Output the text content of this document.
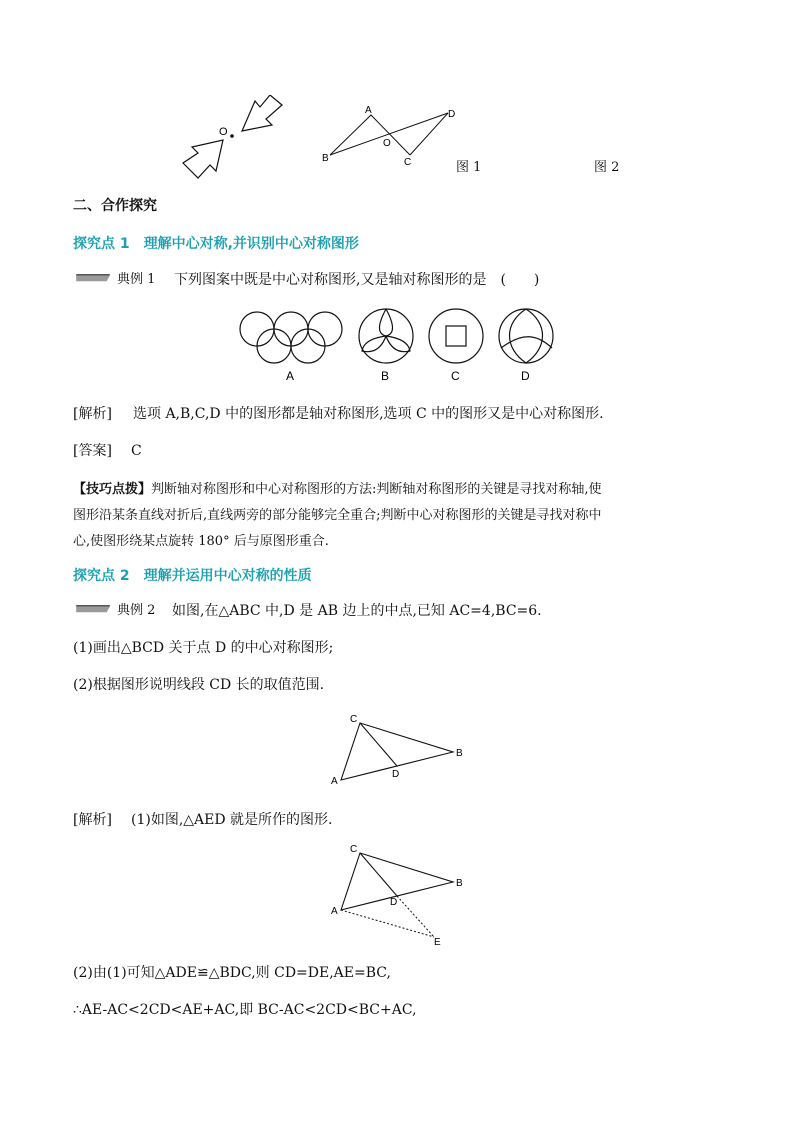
O
A
B	C
D
O
图 1	图 2
二、合作探究
探究点 1　理解中心对称,并识别中心对称图形
典例 1 下列图案中既是中心对称图形,又是轴对称图形的是　(　　)
A	B	C	D
[解析] 选项 A,B,C,D 中的图形都是轴对称图形,选项 C 中的图形又是中心对称图形.
[答案] C
【技巧点拨】判断轴对称图形和中心对称图形的方法:判断轴对称图形的关键是寻找对称轴,使
图形沿某条直线对折后,直线两旁的部分能够完全重合;判断中心对称图形的关键是寻找对称中
心,使图形绕某点旋转 180° 后与原图形重合.
探究点 2　理解并运用中心对称的性质
典例 2 如图,在△ABC 中,D 是 AB 边上的中点,已知 AC=4,BC=6.
(1)画出△BCD 关于点 D 的中心对称图形;
(2)根据图形说明线段 CD 长的取值范围.
C
B
A
D
[解析] (1)如图,△AED 就是所作的图形.
C
B
A
D
E
(2)由(1)可知△ADE≌△BDC,则 CD=DE,AE=BC,
∴AE-AC<2CD<AE+AC,即 BC-AC<2CD<BC+AC,
